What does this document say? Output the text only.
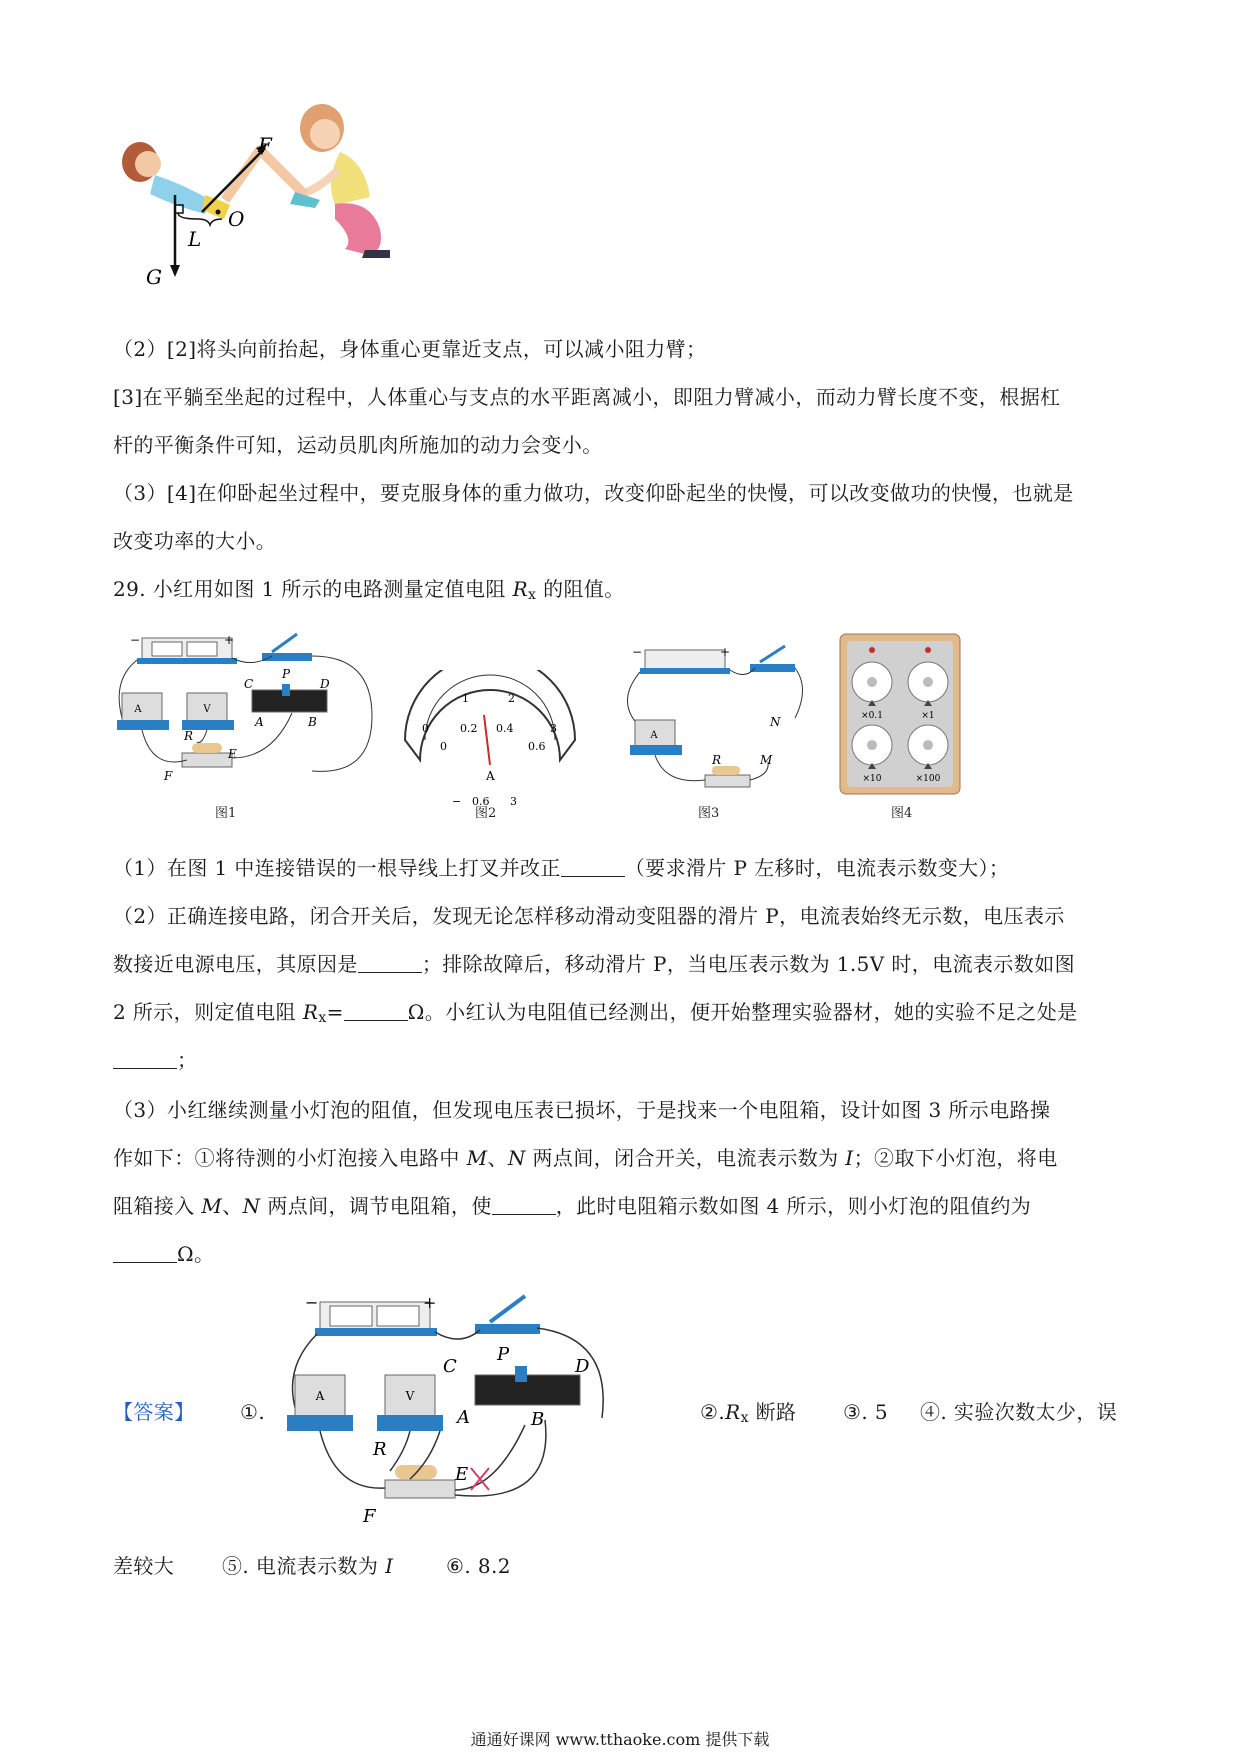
F
O
L
G
（2）[2]将头向前抬起，身体重心更靠近支点，可以减小阻力臂；
[3]在平躺至坐起的过程中，人体重心与支点的水平距离减小，即阻力臂减小，而动力臂长度不变，根据杠
杆的平衡条件可知，运动员肌肉所施加的动力会变小。
（3）[4]在仰卧起坐过程中，要克服身体的重力做功，改变仰卧起坐的快慢，可以改变做功的快慢，也就是
改变功率的大小。
29. 小红用如图 1 所示的电路测量定值电阻 $R_x$ 的阻值。
−	+
A	V
C
P
D
A	B
R
E
F
图1
0
1	2
3
0
0.2 0.4
0.6
A
− 0.6 3
图2
−	+
N
A
R	M
图3
×0.1	×1
×10	×100
图4
（1）在图 1 中连接错误的一根导线上打叉并改正	（要求滑片 P 左移时，电流表示数变大）；
（2）正确连接电路，闭合开关后，发现无论怎样移动滑动变阻器的滑片 P，电流表始终无示数，电压表示
数接近电源电压，其原因是	；排除故障后，移动滑片 P，当电压表示数为 1.5V 时，电流表示数如图
2 所示，则定值电阻 $R_x=$	Ω。小红认为电阻值已经测出，便开始整理实验器材，她的实验不足之处是
；
（3）小红继续测量小灯泡的阻值，但发现电压表已损坏，于是找来一个电阻箱，设计如图 3 所示电路操
作如下：①将待测的小灯泡接入电路中 M、N 两点间，闭合开关，电流表示数为 I；②取下小灯泡，将电
阻箱接入 M、N 两点间，调节电阻箱，使	，此时电阻箱示数如图 4 所示，则小灯泡的阻值约为
Ω。
【答案】 ①.
−	+
A	V
C
P
D
A	B
R
E
F
$②.R_x$ 断路 ③. 5 ④. 实验次数太少，误
差较大 ⑤. 电流表示数为 I	⑥. 8.2
通通好课网 www.tthaoke.com 提供下载
